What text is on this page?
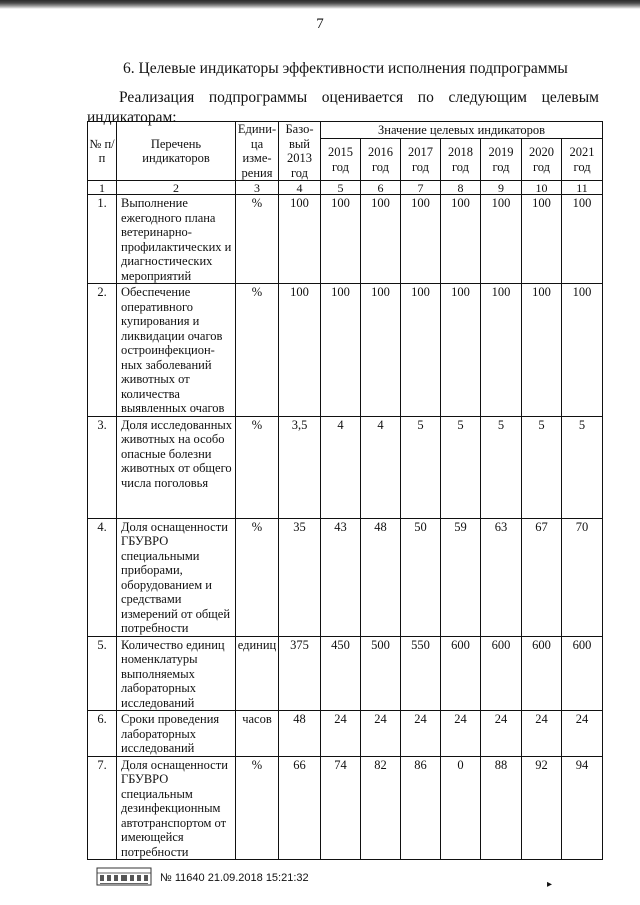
7
6. Целевые индикаторы эффективности исполнения подпрограммы
Реализация подпрограммы оценивается по следующим целевым
индикаторам:
№ п/п	Перечень индикаторов	Едини-ца изме-рения	Базо-вый 2013 год	Значение целевых индикаторов						
				2015 год	2016 год	2017 год	2018 год	2019 год	2020 год	2021 год
1	2	3	4	5	6	7	8	9	10	11
1.	Выполнение ежегодного плана ветеринарно-профилактических и диагностических мероприятий	%	100	100	100	100	100	100	100	100
2.	Обеспечение оперативного купирования и ликвидации очагов остроинфекцион-ных заболеваний животных от количества выявленных очагов	%	100	100	100	100	100	100	100	100
3.	Доля исследованных животных на особо опасные болезни животных от общего числа поголовья	%	3,5	4	4	5	5	5	5	5
4.	Доля оснащенности ГБУВРО специальными приборами, оборудованием и средствами измерений от общей потребности	%	35	43	48	50	59	63	67	70
5.	Количество единиц номенклатуры выполняемых лабораторных исследований	единиц	375	450	500	550	600	600	600	600
6.	Сроки проведения лабораторных исследований	часов	48	24	24	24	24	24	24	24
7.	Доля оснащенности ГБУВРО специальным дезинфекционным автотранспортом от имеющейся потребности	%	66	74	82	86	0	88	92	94
№ 11640 21.09.2018 15:21:32
▸
